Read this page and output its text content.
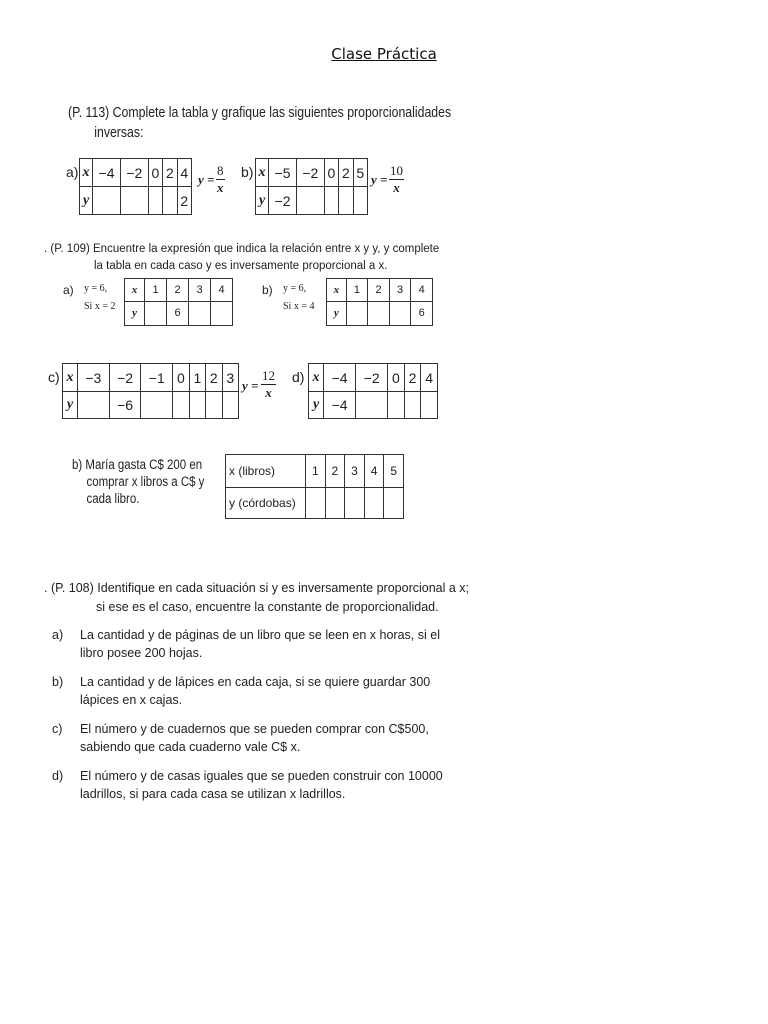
Clase Práctica
(P. 113) Complete la tabla y grafique las siguientes proporcionalidades
inversas:
a) x	−4	−2	0	2	4
y					2
$y = \frac{8}{x} b$) x	−5	−2	0	2	5
y	−2				
$y = \frac{10}{x}$
. (P. 109) Encuentre la expresión que indica la relación entre x y y, y complete
la tabla en cada caso y es inversamente proporcional a x.
a) y = 6,
Si x = 2
x	1	2	3	4
y		6		
b) y = 6,
Si x = 4
x	1	2	3	4
y				6
c) x	−3	−2	−1	0	1	2	3
y		−6					
$y = \frac{12}{x} d$) x	−4	−2	0	2	4
y	−4				
b) María gasta C$ 200 en
comprar x libros a C$ y
cada libro.
x (libros)	1	2	3	4	5
y (córdobas)					
. (P. 108) Identifique en cada situación si y es inversamente proporcional a x;
si ese es el caso, encuentre la constante de proporcionalidad.
a) La cantidad y de páginas de un libro que se leen en x horas, si el
libro posee 200 hojas.
b) La cantidad y de lápices en cada caja, si se quiere guardar 300
lápices en x cajas.
c) El número y de cuadernos que se pueden comprar con C$500,
sabiendo que cada cuaderno vale C$ x.
d) El número y de casas iguales que se pueden construir con 10000
ladrillos, si para cada casa se utilizan x ladrillos.
